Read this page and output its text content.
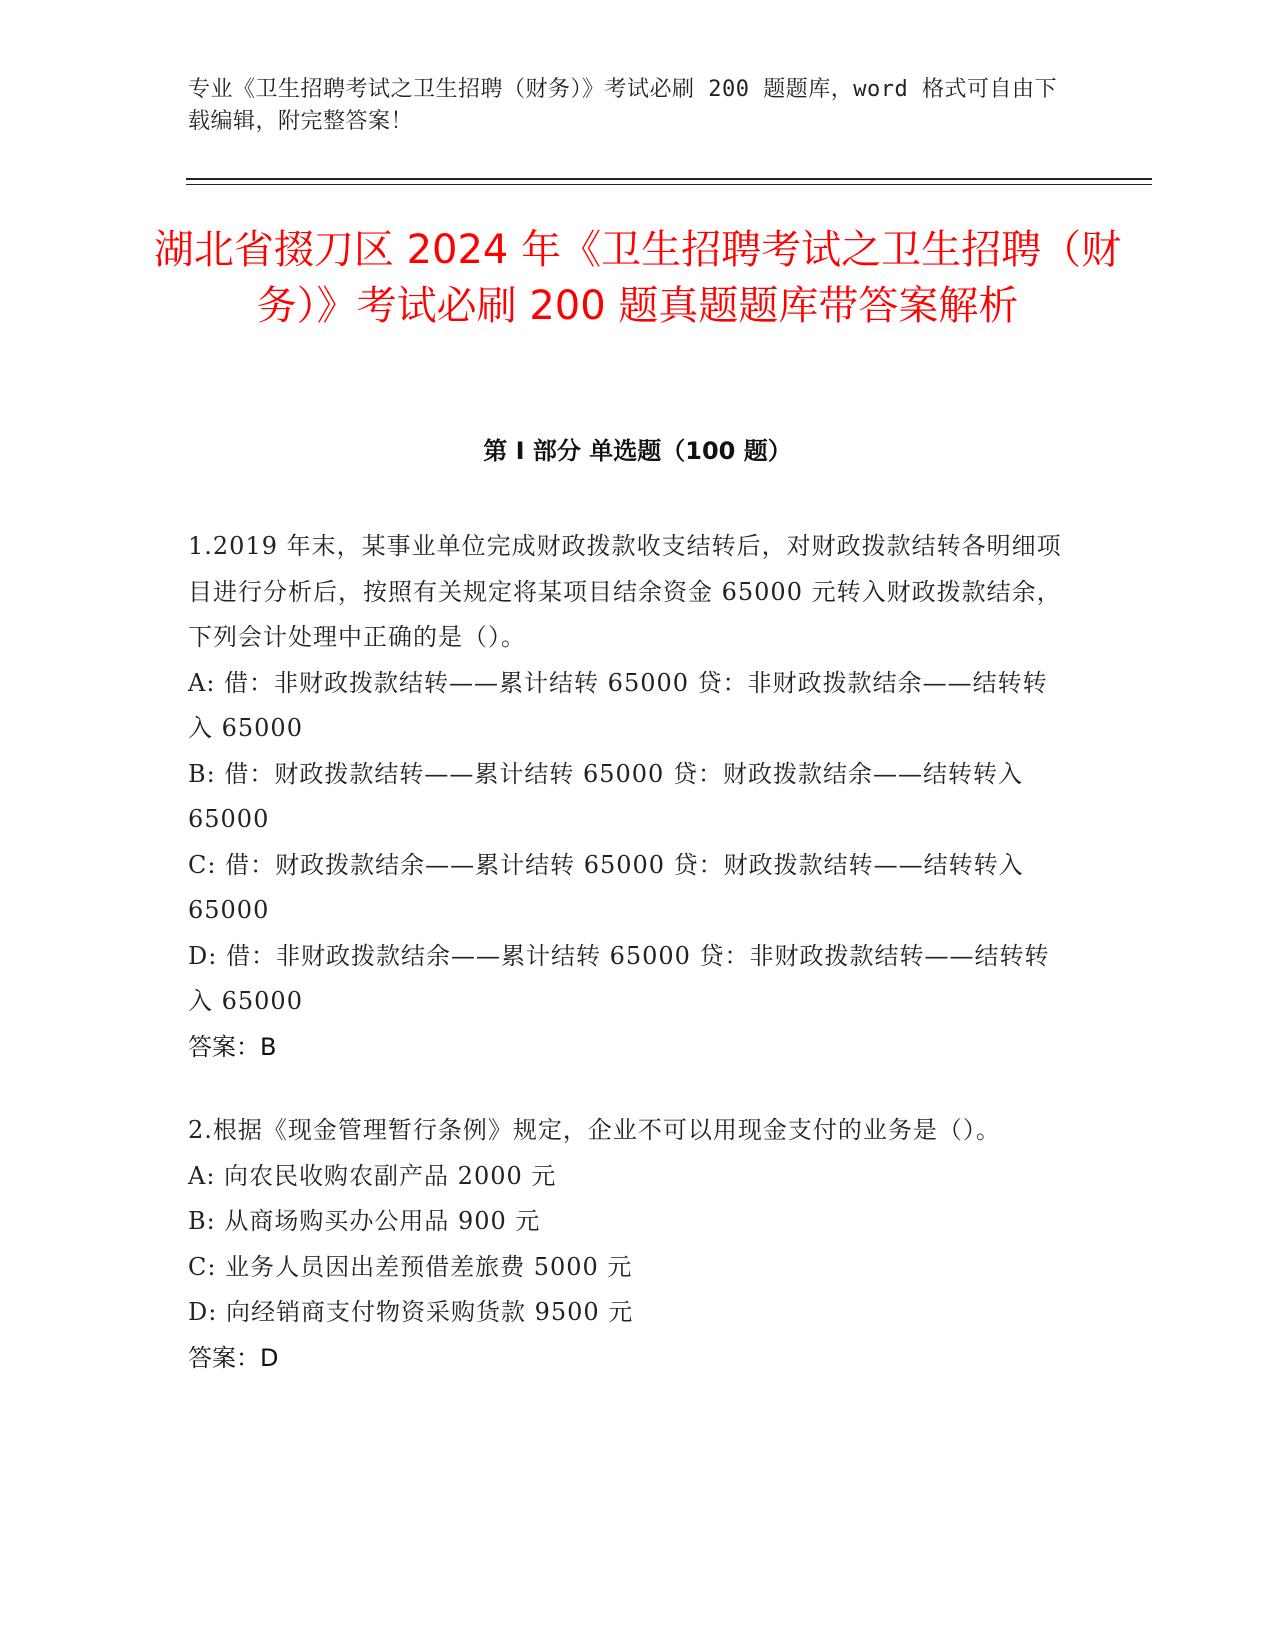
专业《卫生招聘考试之卫生招聘（财务）》考试必刷 200 题题库，word 格式可自由下载编辑，附完整答案！
湖北省掇刀区 2024 年《卫生招聘考试之卫生招聘（财务）》考试必刷 200 题真题题库带答案解析
第 I 部分 单选题（100 题）

1.2019 年末，某事业单位完成财政拨款收支结转后，对财政拨款结转各明细项目进行分析后，按照有关规定将某项目结余资金 65000 元转入财政拨款结余，下列会计处理中正确的是（）。

A: 借：非财政拨款结转——累计结转 65000 贷：非财政拨款结余——结转转入 65000

B: 借：财政拨款结转——累计结转 65000 贷：财政拨款结余——结转转入 65000

C: 借：财政拨款结余——累计结转 65000 贷：财政拨款结转——结转转入 65000

D: 借：非财政拨款结余——累计结转 65000 贷：非财政拨款结转——结转转入 65000

答案：B

2.根据《现金管理暂行条例》规定，企业不可以用现金支付的业务是（）。

A: 向农民收购农副产品 2000 元

B: 从商场购买办公用品 900 元

C: 业务人员因出差预借差旅费 5000 元

D: 向经销商支付物资采购货款 9500 元

答案：D
